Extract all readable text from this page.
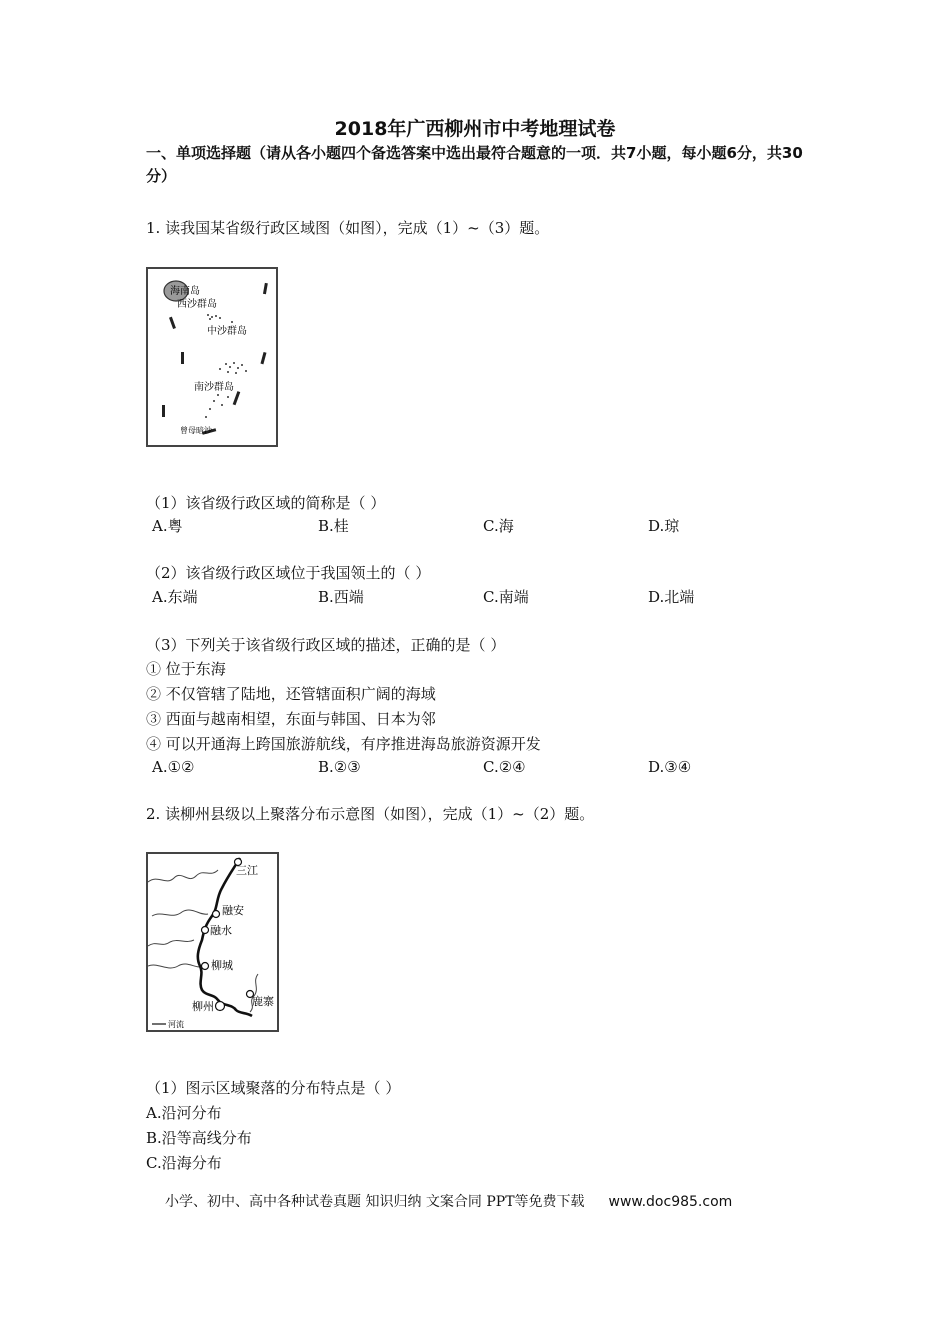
2018年广西柳州市中考地理试卷
一、单项选择题（请从各小题四个备选答案中选出最符合题意的一项．共7小题，每小题6分，共30分）
1. 读我国某省级行政区域图（如图），完成（1）~（3）题。
海南岛
西沙群岛
中沙群岛
南沙群岛
曾母暗沙
（1）该省级行政区域的简称是（ ）
A.粤	B.桂	C.海	D.琼
（2）该省级行政区域位于我国领土的（ ）
A.东端	B.西端	C.南端	D.北端
（3）下列关于该省级行政区域的描述，正确的是（ ）
① 位于东海
② 不仅管辖了陆地，还管辖面积广阔的海域
③ 西面与越南相望，东面与韩国、日本为邻
④ 可以开通海上跨国旅游航线，有序推进海岛旅游资源开发
A.①②	B.②③	C.②④	D.③④
2. 读柳州县级以上聚落分布示意图（如图），完成（1）~（2）题。
三江
融安
融水
柳城
柳州	鹿寨
河流
（1）图示区域聚落的分布特点是（ ）
A.沿河分布
B.沿等高线分布
C.沿海分布
小学、初中、高中各种试卷真题 知识归纳 文案合同 PPT等免费下载 www.doc985.com
